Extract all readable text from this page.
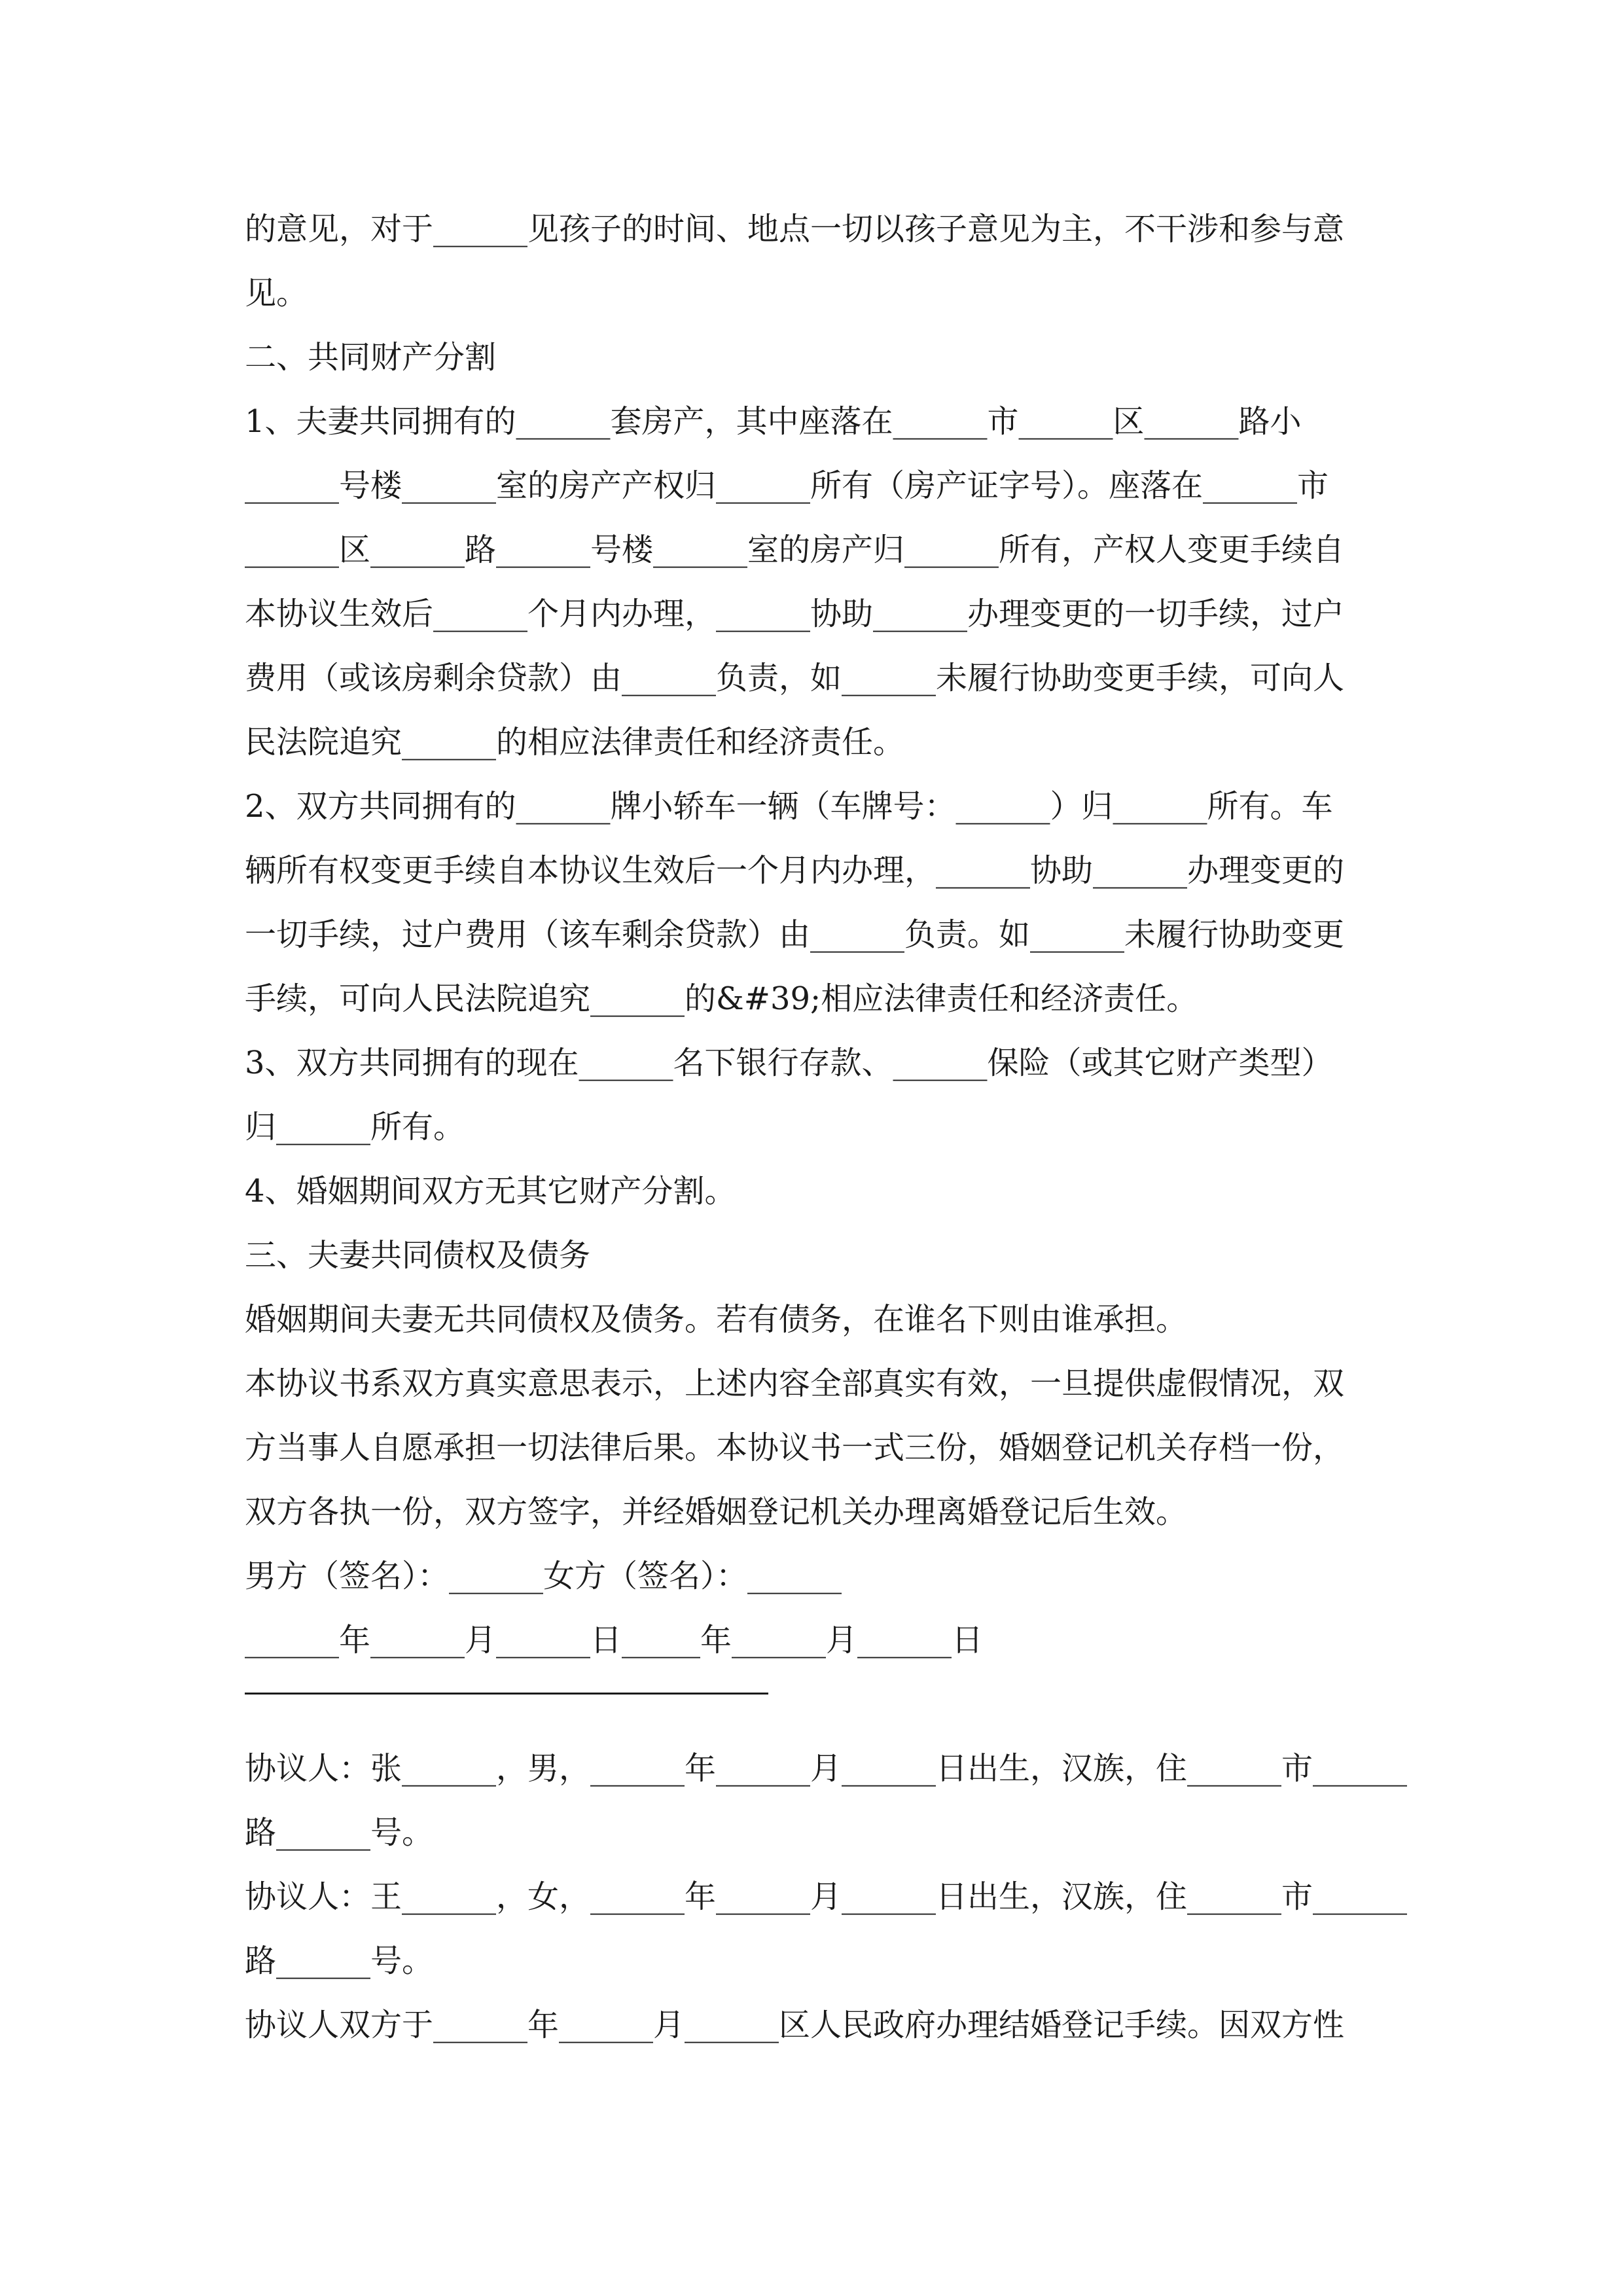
的意见，对于______见孩子的时间、地点一切以孩子意见为主，不干涉和参与意
见。
二、共同财产分割
1、夫妻共同拥有的______套房产，其中座落在______市______区______路小
______号楼______室的房产产权归______所有（房产证字号）。座落在______市
______区______路______号楼______室的房产归______所有，产权人变更手续自
本协议生效后______个月内办理，______协助______办理变更的一切手续，过户
费用（或该房剩余贷款）由______负责，如______未履行协助变更手续，可向人
民法院追究______的相应法律责任和经济责任。
2、双方共同拥有的______牌小轿车一辆（车牌号：______）归______所有。车
辆所有权变更手续自本协议生效后一个月内办理，______协助______办理变更的
一切手续，过户费用（该车剩余贷款）由______负责。如______未履行协助变更
手续，可向人民法院追究______的&#39;相应法律责任和经济责任。
3、双方共同拥有的现在______名下银行存款、______保险（或其它财产类型）
归______所有。
4、婚姻期间双方无其它财产分割。
三、夫妻共同债权及债务
婚姻期间夫妻无共同债权及债务。若有债务，在谁名下则由谁承担。
本协议书系双方真实意思表示，上述内容全部真实有效，一旦提供虚假情况，双
方当事人自愿承担一切法律后果。本协议书一式三份，婚姻登记机关存档一份，
双方各执一份，双方签字，并经婚姻登记机关办理离婚登记后生效。
男方（签名）：______女方（签名）：______
______年______月______日_____年______月______日
协议人：张______，男，______年______月______日出生，汉族，住______市______
路______号。
协议人：王______，女，______年______月______日出生，汉族，住______市______
路______号。
协议人双方于______年______月______区人民政府办理结婚登记手续。因双方性
